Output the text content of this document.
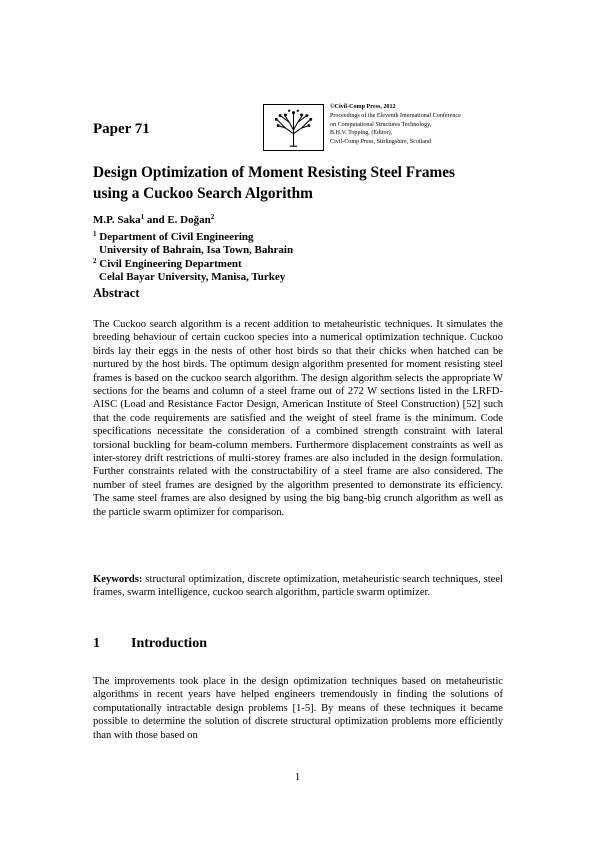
Paper 71
©Civil-Comp Press, 2012
Proceedings of the Eleventh International Conference
on Computational Structures Technology,
B.H.V. Topping, (Editor),
Civil-Comp Press, Stirlingshire, Scotland
Design Optimization of Moment Resisting Steel Frames
using a Cuckoo Search Algorithm
M.P. Saka$^1$ and E. Doğan$^2$
$^1$ Department of Civil Engineering
University of Bahrain, Isa Town, Bahrain
$^2$ Civil Engineering Department
Celal Bayar University, Manisa, Turkey
Abstract

The Cuckoo search algorithm is a recent addition to metaheuristic techniques. It simulates the breeding behaviour of certain cuckoo species into a numerical optimization technique. Cuckoo birds lay their eggs in the nests of other host birds so that their chicks when hatched can be nurtured by the host birds. The optimum design algorithm presented for moment resisting steel frames is based on the cuckoo search algorithm. The design algorithm selects the appropriate W sections for the beams and column of a steel frame out of 272 W sections listed in the LRFD-AISC (Load and Resistance Factor Design, American Institute of Steel Construction) [52] such that the code requirements are satisfied and the weight of steel frame is the minimum. Code specifications necessitate the consideration of a combined strength constraint with lateral torsional buckling for beam-column members. Furthermore displacement constraints as well as inter-storey drift restrictions of multi-storey frames are also included in the design formulation. Further constraints related with the constructability of a steel frame are also considered. The number of steel frames are designed by the algorithm presented to demonstrate its efficiency. The same steel frames are also designed by using the big bang-big crunch algorithm as well as the particle swarm optimizer for comparison.

Keywords: structural optimization, discrete optimization, metaheuristic search techniques, steel frames, swarm intelligence, cuckoo search algorithm, particle swarm optimizer.

1 Introduction

The improvements took place in the design optimization techniques based on metaheuristic algorithms in recent years have helped engineers tremendously in finding the solutions of computationally intractable design problems [1-5]. By means of these techniques it became possible to determine the solution of discrete structural optimization problems more efficiently than with those based on

1
